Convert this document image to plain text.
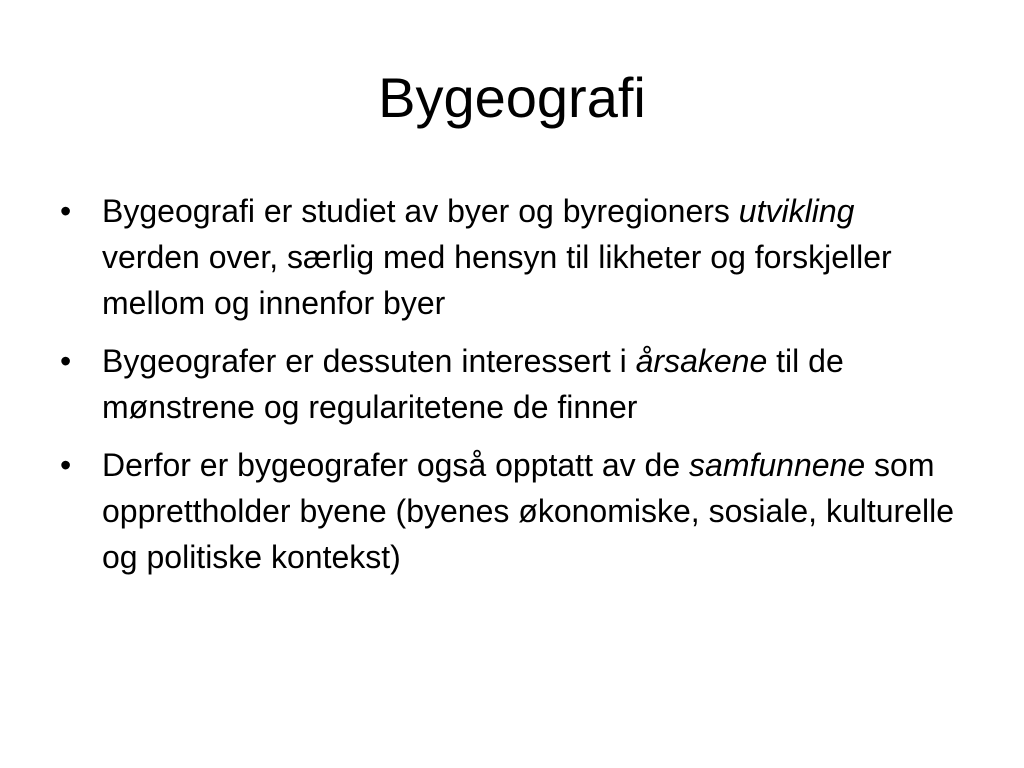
Bygeografi
• Bygeografi er studiet av byer og byregioners utvikling verden over, særlig med hensyn til likheter og forskjeller mellom og innenfor byer
• Bygeografer er dessuten interessert i årsakene til de mønstrene og regularitetene de finner
• Derfor er bygeografer også opptatt av de samfunnene som opprettholder byene (byenes økonomiske, sosiale, kulturelle og politiske kontekst)
